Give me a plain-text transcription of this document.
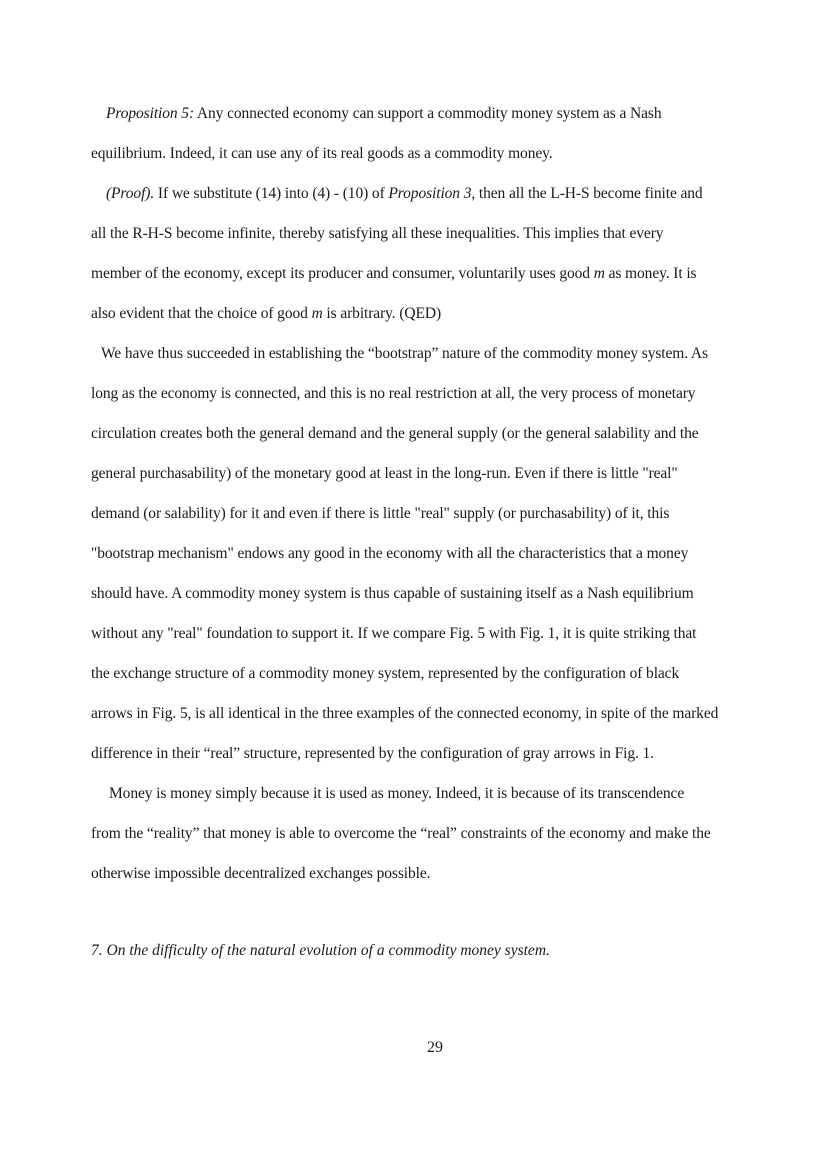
Proposition 5: Any connected economy can support a commodity money system as a Nash
equilibrium. Indeed, it can use any of its real goods as a commodity money.
(Proof). If we substitute (14) into (4) - (10) of Proposition 3, then all the L-H-S become finite and
all the R-H-S become infinite, thereby satisfying all these inequalities. This implies that every
member of the economy, except its producer and consumer, voluntarily uses good m as money. It is
also evident that the choice of good m is arbitrary. (QED)
We have thus succeeded in establishing the “bootstrap” nature of the commodity money system. As
long as the economy is connected, and this is no real restriction at all, the very process of monetary
circulation creates both the general demand and the general supply (or the general salability and the
general purchasability) of the monetary good at least in the long-run. Even if there is little "real"
demand (or salability) for it and even if there is little "real" supply (or purchasability) of it, this
"bootstrap mechanism" endows any good in the economy with all the characteristics that a money
should have. A commodity money system is thus capable of sustaining itself as a Nash equilibrium
without any "real" foundation to support it. If we compare Fig. 5 with Fig. 1, it is quite striking that
the exchange structure of a commodity money system, represented by the configuration of black
arrows in Fig. 5, is all identical in the three examples of the connected economy, in spite of the marked
difference in their “real” structure, represented by the configuration of gray arrows in Fig. 1.
Money is money simply because it is used as money. Indeed, it is because of its transcendence
from the “reality” that money is able to overcome the “real” constraints of the economy and make the
otherwise impossible decentralized exchanges possible.
7. On the difficulty of the natural evolution of a commodity money system.
29
